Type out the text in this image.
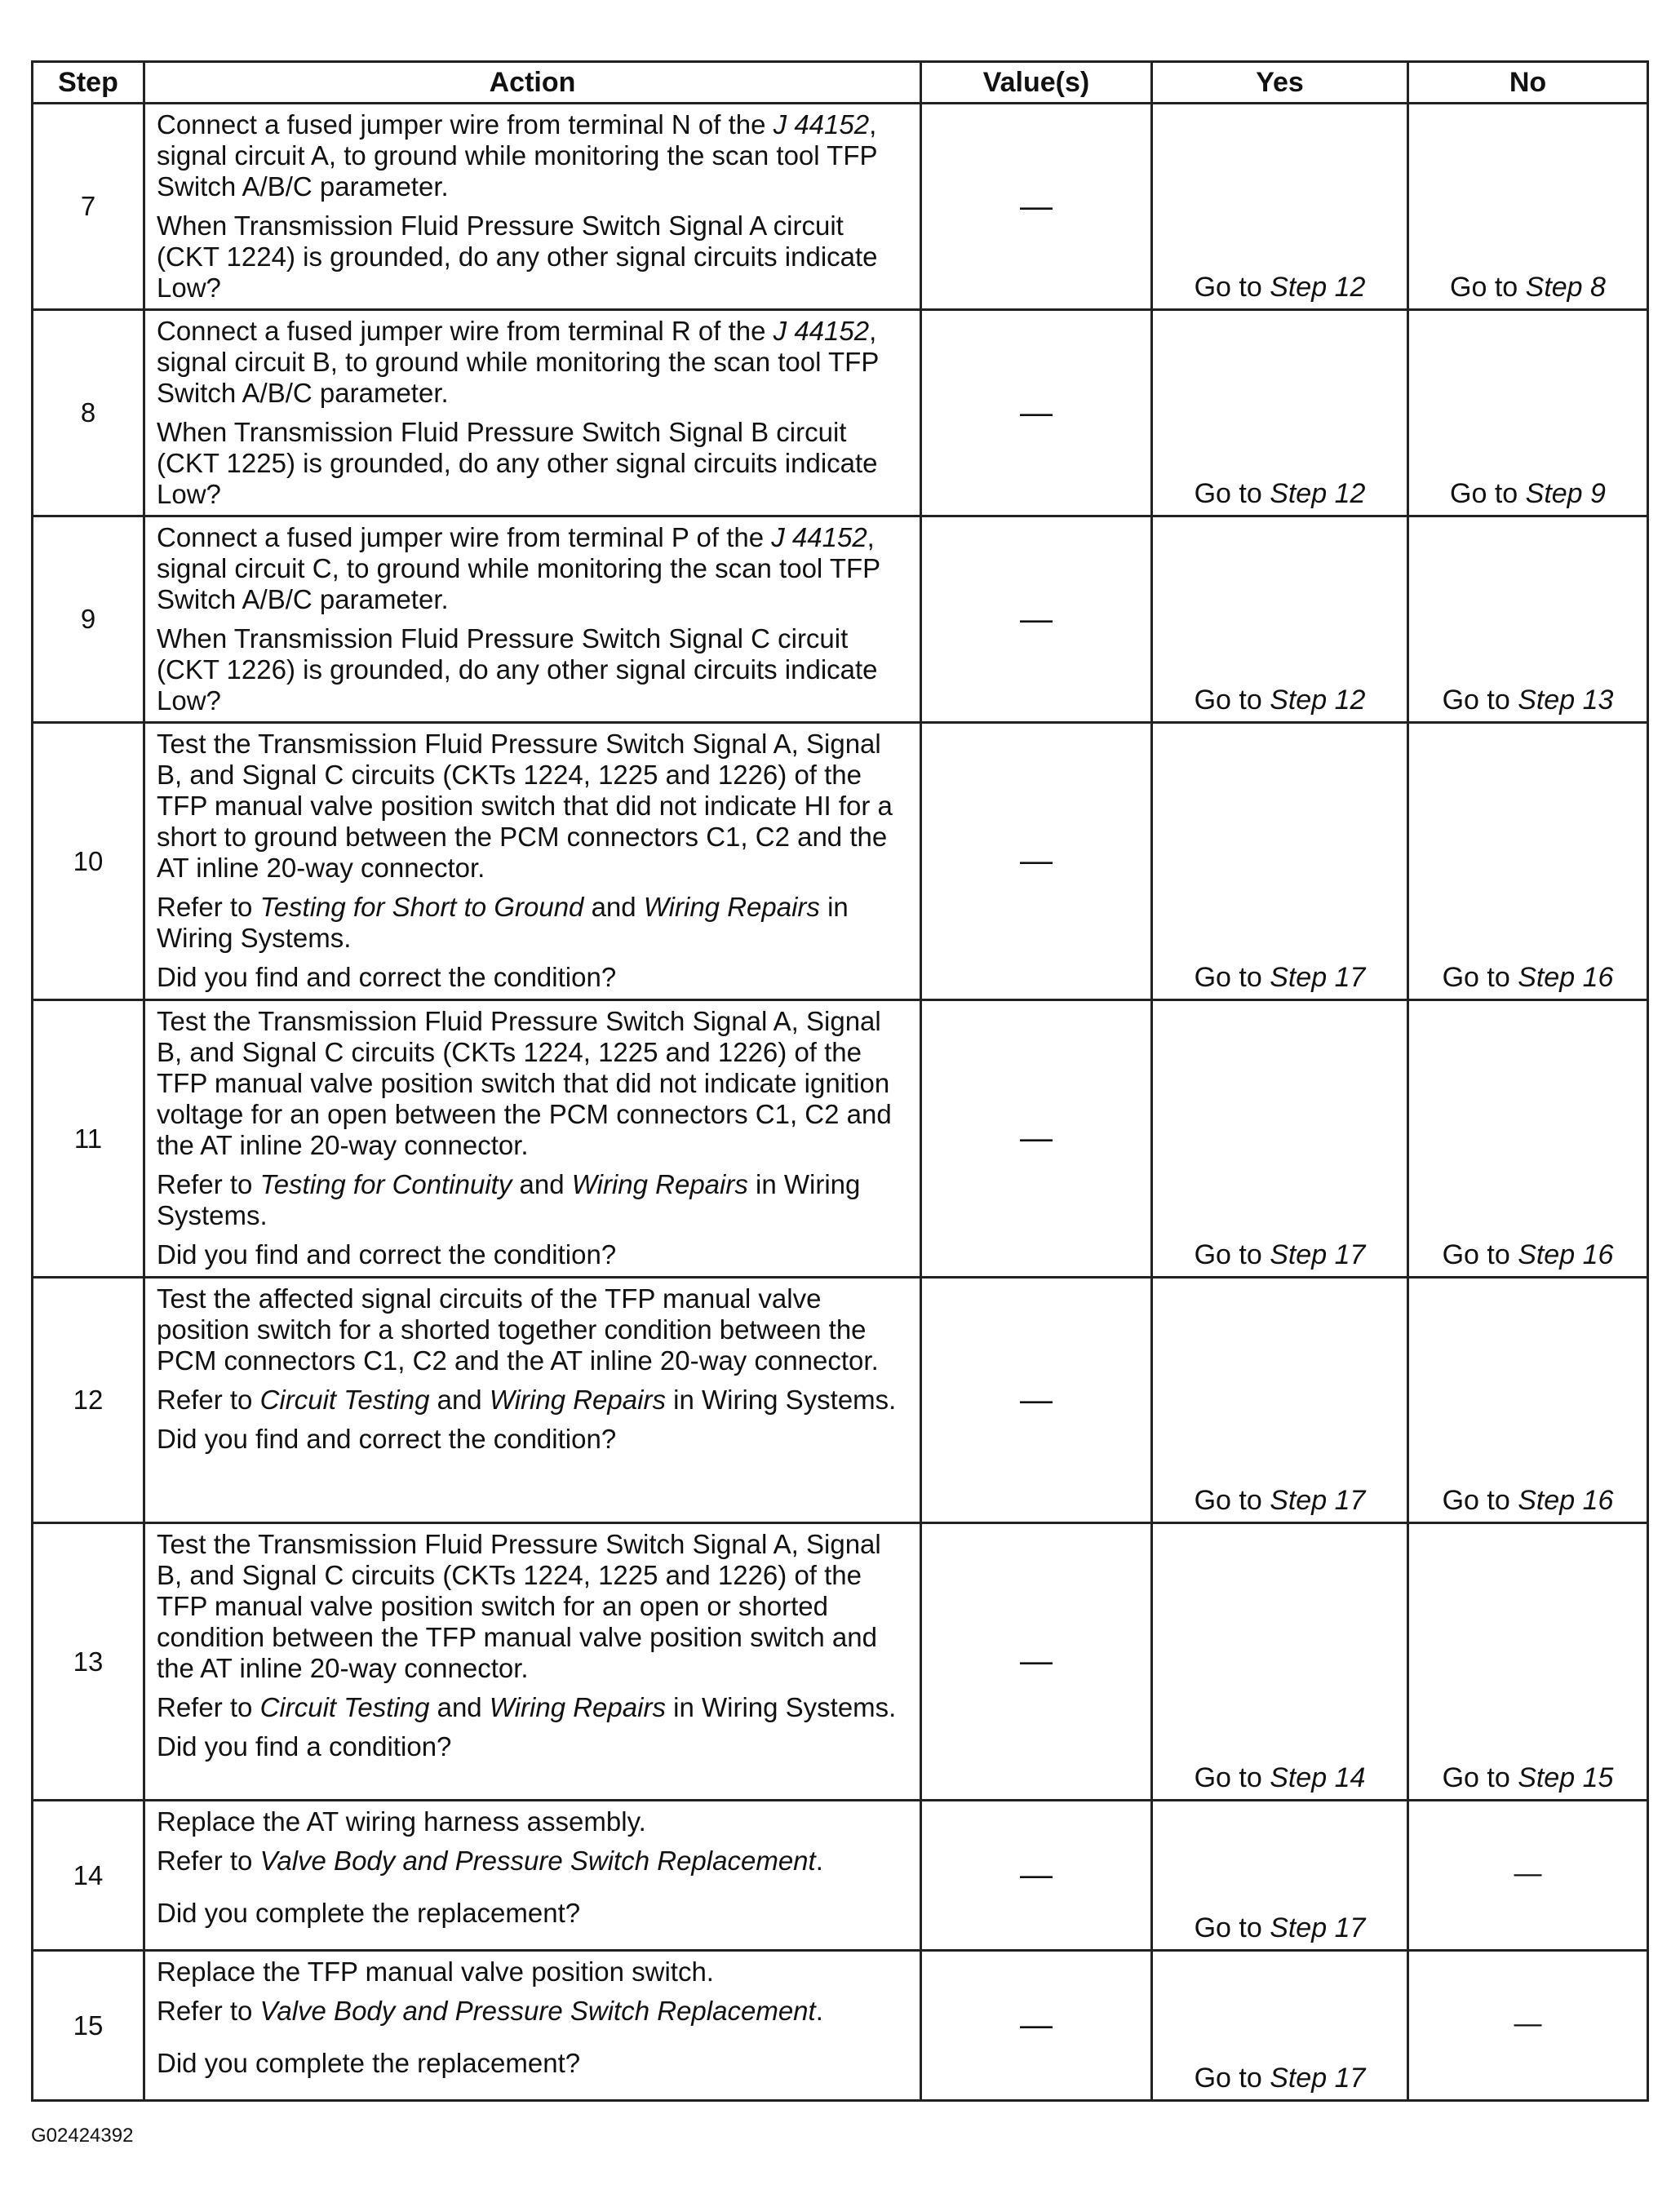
Step	Action	Value(s)	Yes	No
7	Connect a fused jumper wire from terminal N of the J 44152, signal circuit A, to ground while monitoring the scan tool TFP Switch A/B/C parameter.

When Transmission Fluid Pressure Switch Signal A circuit (CKT 1224) is grounded, do any other signal circuits indicate Low?	—	Go to Step 12	Go to Step 8
8	Connect a fused jumper wire from terminal R of the J 44152, signal circuit B, to ground while monitoring the scan tool TFP Switch A/B/C parameter.

When Transmission Fluid Pressure Switch Signal B circuit (CKT 1225) is grounded, do any other signal circuits indicate Low?	—	Go to Step 12	Go to Step 9
9	Connect a fused jumper wire from terminal P of the J 44152, signal circuit C, to ground while monitoring the scan tool TFP Switch A/B/C parameter.

When Transmission Fluid Pressure Switch Signal C circuit (CKT 1226) is grounded, do any other signal circuits indicate Low?	—	Go to Step 12	Go to Step 13
10	Test the Transmission Fluid Pressure Switch Signal A, Signal B, and Signal C circuits (CKTs 1224, 1225 and 1226) of the TFP manual valve position switch that did not indicate HI for a short to ground between the PCM connectors C1, C2 and the AT inline 20-way connector.

Refer to Testing for Short to Ground and Wiring Repairs in Wiring Systems.

Did you find and correct the condition?	—	Go to Step 17	Go to Step 16
11	Test the Transmission Fluid Pressure Switch Signal A, Signal B, and Signal C circuits (CKTs 1224, 1225 and 1226) of the TFP manual valve position switch that did not indicate ignition voltage for an open between the PCM connectors C1, C2 and the AT inline 20-way connector.

Refer to Testing for Continuity and Wiring Repairs in Wiring Systems.

Did you find and correct the condition?	—	Go to Step 17	Go to Step 16
12	Test the affected signal circuits of the TFP manual valve position switch for a shorted together condition between the PCM connectors C1, C2 and the AT inline 20-way connector.

Refer to Circuit Testing and Wiring Repairs in Wiring Systems.

Did you find and correct the condition?	—	Go to Step 17	Go to Step 16
13	Test the Transmission Fluid Pressure Switch Signal A, Signal B, and Signal C circuits (CKTs 1224, 1225 and 1226) of the TFP manual valve position switch for an open or shorted condition between the TFP manual valve position switch and the AT inline 20-way connector.

Refer to Circuit Testing and Wiring Repairs in Wiring Systems.

Did you find a condition?	—	Go to Step 14	Go to Step 15
14	Replace the AT wiring harness assembly.

Refer to Valve Body and Pressure Switch Replacement.

Did you complete the replacement?	—	Go to Step 17	—
15	Replace the TFP manual valve position switch.

Refer to Valve Body and Pressure Switch Replacement.

Did you complete the replacement?	—	Go to Step 17	—
G02424392
